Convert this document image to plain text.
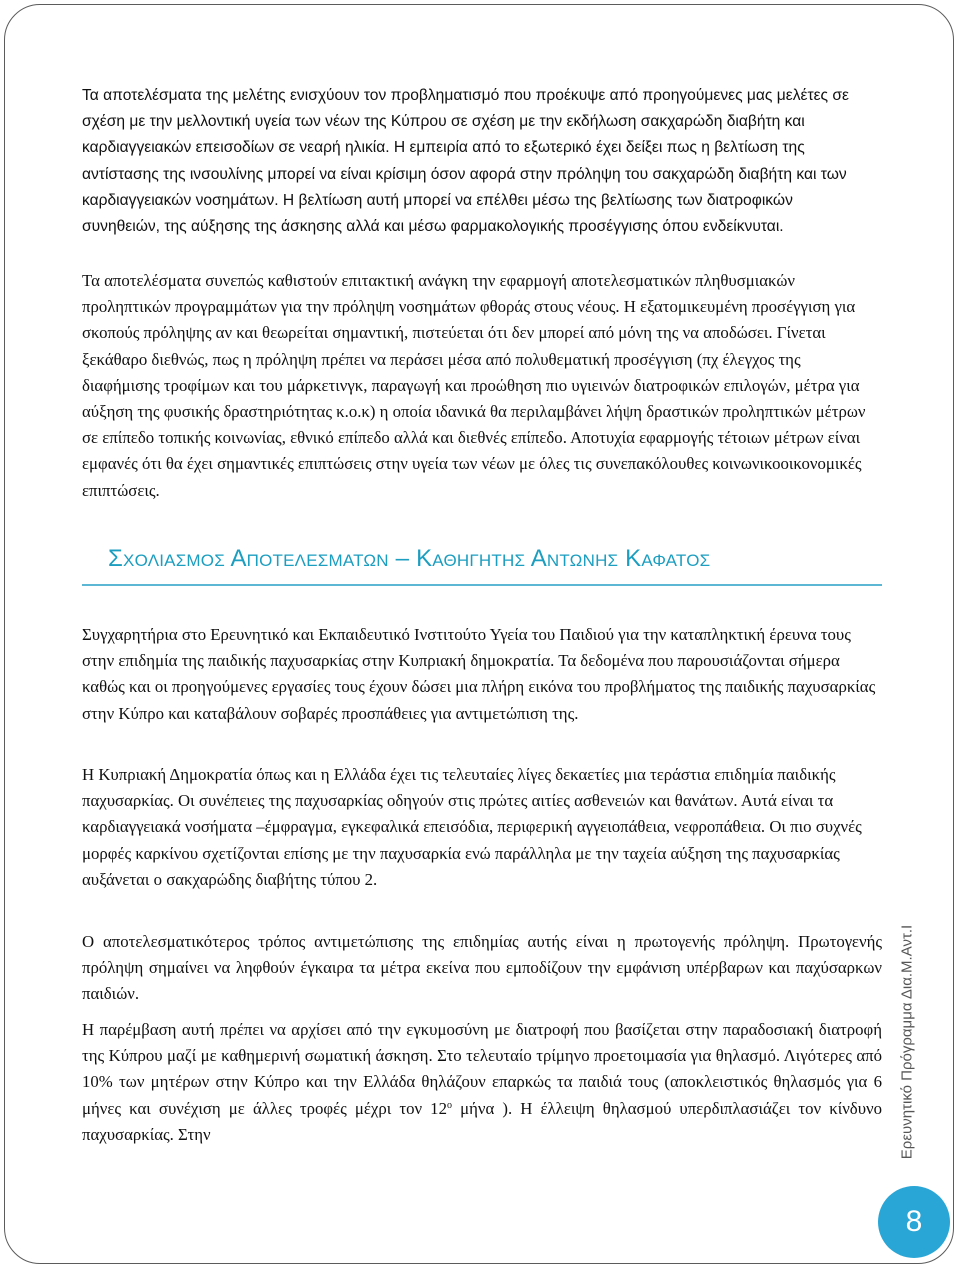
Τα αποτελέσματα της μελέτης ενισχύουν τον προβληματισμό που προέκυψε από προηγούμενες μας μελέτες σε σχέση με την μελλοντική υγεία των νέων της Κύπρου σε σχέση με την εκδήλωση σακχαρώδη διαβήτη και καρδιαγγειακών επεισοδίων σε νεαρή ηλικία. Η εμπειρία από το εξωτερικό έχει δείξει πως η βελτίωση της αντίστασης της ινσουλίνης μπορεί να είναι κρίσιμη όσον αφορά στην πρόληψη του σακχαρώδη διαβήτη και των καρδιαγγειακών νοσημάτων. Η βελτίωση αυτή μπορεί να επέλθει μέσω της βελτίωσης των διατροφικών συνηθειών, της αύξησης της άσκησης αλλά και μέσω φαρμακολογικής προσέγγισης όπου ενδείκνυται.

Τα αποτελέσματα συνεπώς καθιστούν επιτακτική ανάγκη την εφαρμογή αποτελεσματικών πληθυσμιακών προληπτικών προγραμμάτων για την πρόληψη νοσημάτων φθοράς στους νέους. Η εξατομικευμένη προσέγγιση για σκοπούς πρόληψης αν και θεωρείται σημαντική, πιστεύεται ότι δεν μπορεί από μόνη της να αποδώσει. Γίνεται ξεκάθαρο διεθνώς, πως η πρόληψη πρέπει να περάσει μέσα από πολυθεματική προσέγγιση (πχ έλεγχος της διαφήμισης τροφίμων και του μάρκετινγκ, παραγωγή και προώθηση πιο υγιεινών διατροφικών επιλογών, μέτρα για αύξηση της φυσικής δραστηριότητας κ.ο.κ) η οποία ιδανικά θα περιλαμβάνει λήψη δραστικών προληπτικών μέτρων σε επίπεδο τοπικής κοινωνίας, εθνικό επίπεδο αλλά και διεθνές επίπεδο. Αποτυχία εφαρμογής τέτοιων μέτρων είναι εμφανές ότι θα έχει σημαντικές επιπτώσεις στην υγεία των νέων με όλες τις συνεπακόλουθες κοινωνικοοικονομικές επιπτώσεις.

Σχολιασμος Αποτελεσματων – Καθηγητης Αντωνης Καφατος

Συγχαρητήρια στο Ερευνητικό και Εκπαιδευτικό Ινστιτούτο Υγεία του Παιδιού για την καταπληκτική έρευνα τους στην επιδημία της παιδικής παχυσαρκίας στην Κυπριακή δημοκρατία. Τα δεδομένα που παρουσιάζονται σήμερα καθώς και οι προηγούμενες εργασίες τους έχουν δώσει μια πλήρη εικόνα του προβλήματος της παιδικής παχυσαρκίας στην Κύπρο και καταβάλουν σοβαρές προσπάθειες για αντιμετώπιση της.

Η Κυπριακή Δημοκρατία όπως και η Ελλάδα έχει τις τελευταίες λίγες δεκαετίες μια τεράστια επιδημία παιδικής παχυσαρκίας. Οι συνέπειες της παχυσαρκίας οδηγούν στις πρώτες αιτίες ασθενειών και θανάτων. Αυτά είναι τα καρδιαγγειακά νοσήματα –έμφραγμα, εγκεφαλικά επεισόδια, περιφερική αγγειοπάθεια, νεφροπάθεια. Οι πιο συχνές μορφές καρκίνου σχετίζονται επίσης με την παχυσαρκία ενώ παράλληλα με την ταχεία αύξηση της παχυσαρκίας αυξάνεται ο σακχαρώδης διαβήτης τύπου 2.

Ο αποτελεσματικότερος τρόπος αντιμετώπισης της επιδημίας αυτής είναι η πρωτογενής πρόληψη. Πρωτογενής πρόληψη σημαίνει να ληφθούν έγκαιρα τα μέτρα εκείνα που εμποδίζουν την εμφάνιση υπέρβαρων και παχύσαρκων παιδιών.

Η παρέμβαση αυτή πρέπει να αρχίσει από την εγκυμοσύνη με διατροφή που βασίζεται στην παραδοσιακή διατροφή της Κύπρου μαζί με καθημερινή σωματική άσκηση. Στο τελευταίο τρίμηνο προετοιμασία για θηλασμό. Λιγότερες από 10% των μητέρων στην Κύπρο και την Ελλάδα θηλάζουν επαρκώς τα παιδιά τους (αποκλειστικός θηλασμός για 6 μήνες και συνέχιση με άλλες τροφές μέχρι τον $12^o$ μήνα ). Η έλλειψη θηλασμού υπερδιπλασιάζει τον κίνδυνο παχυσαρκίας. Στην	Ερευνητικό Πρόγραμμα Δια.Μ.Αντ.Ι
8
